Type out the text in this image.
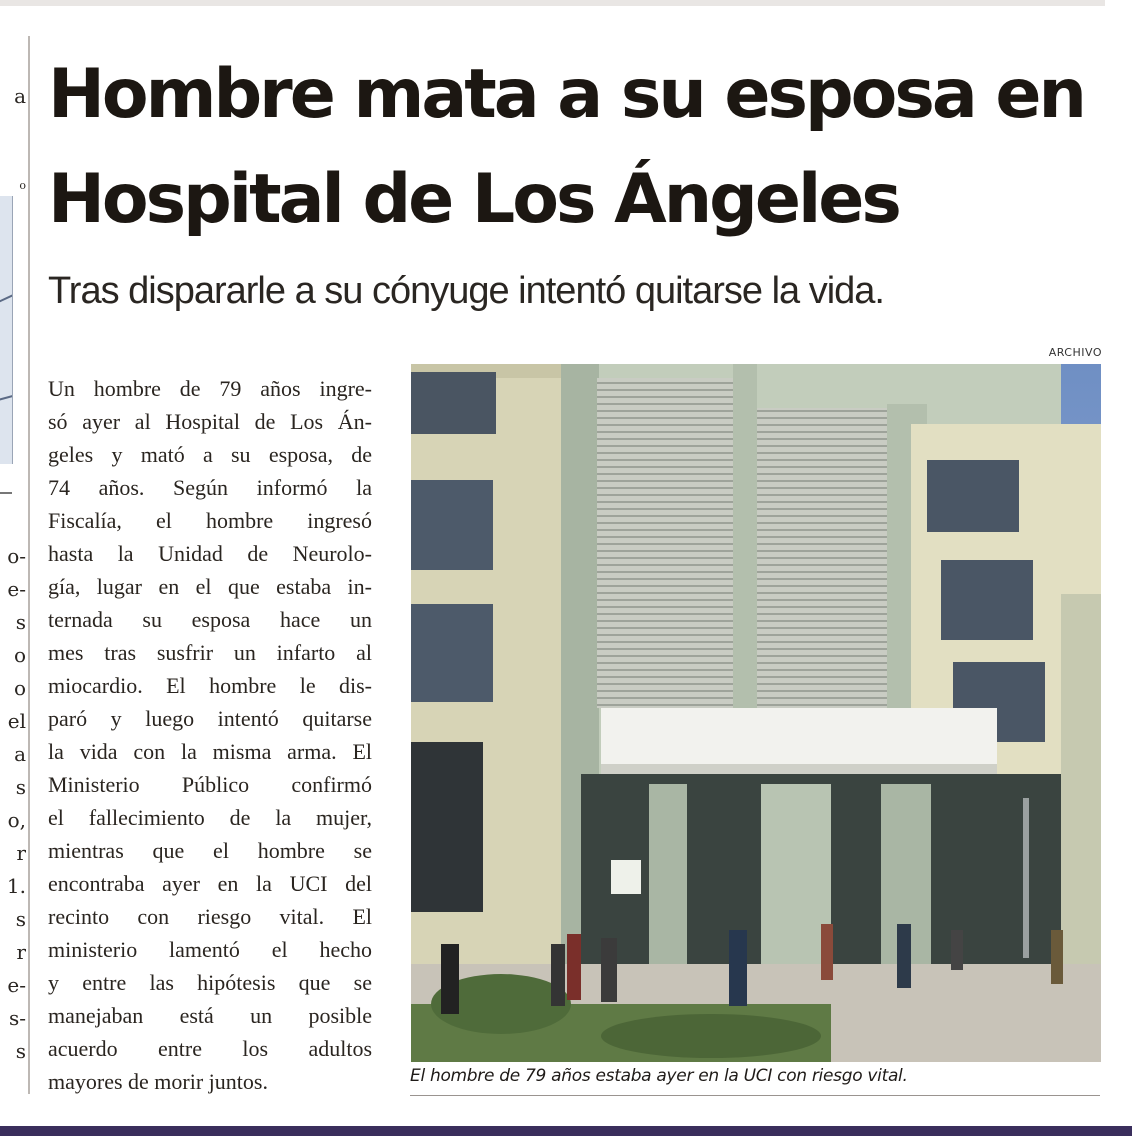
a
o
o-
e-
s
o
o
el
a
s
o,
r
1.
s
r
e-
s-
s
Hombre mata a su esposa en
Hospital de Los Ángeles

Tras dispararle a su cónyuge intentó quitarse la vida.

Un hombre de 79 años ingre-
só ayer al Hospital de Los Án-
geles y mató a su esposa, de
74 años. Según informó la
Fiscalía, el hombre ingresó
hasta la Unidad de Neurolo-
gía, lugar en el que estaba in-
ternada su esposa hace un
mes tras susfrir un infarto al
miocardio. El hombre le dis-
paró y luego intentó quitarse
la vida con la misma arma. El
Ministerio Público confirmó
el fallecimiento de la mujer,
mientras que el hombre se
encontraba ayer en la UCI del
recinto con riesgo vital. El
ministerio lamentó el hecho
y entre las hipótesis que se
manejaban está un posible
acuerdo entre los adultos
mayores de morir juntos.

ARCHIVO
El hombre de 79 años estaba ayer en la UCI con riesgo vital.
